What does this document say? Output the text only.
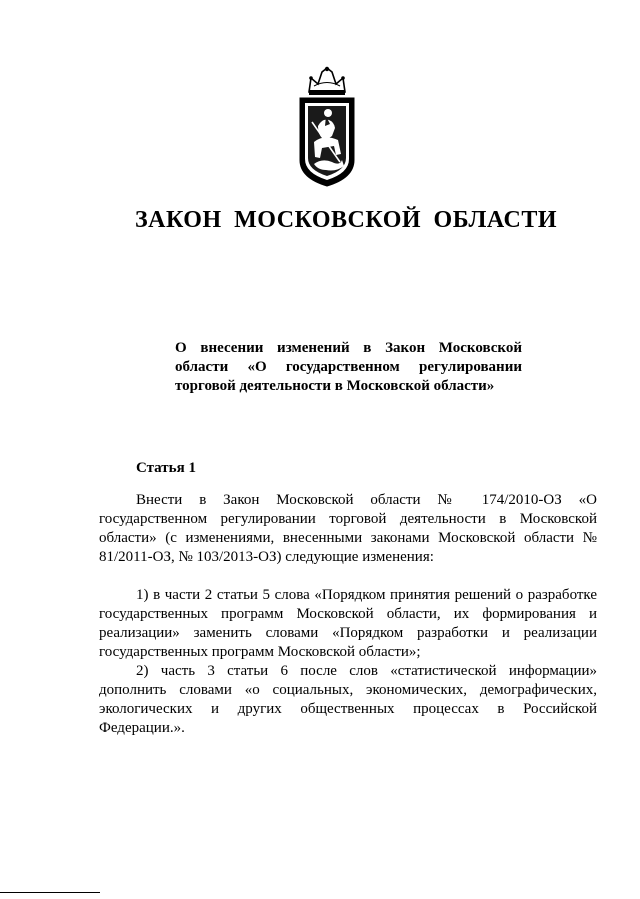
ЗАКОН МОСКОВСКОЙ ОБЛАСТИ
О внесении изменений в Закон Московской области «О государственном регулировании торговой деятельности в Московской области»
Статья 1

Внести в Закон Московской области № 174/2010-ОЗ «О государственном регулировании торговой деятельности в Московской области» (с изменениями, внесенными законами Московской области № 81/2011-ОЗ, № 103/2013-ОЗ) следующие изменения:

1) в части 2 статьи 5 слова «Порядком принятия решений о разработке государственных программ Московской области, их формирования и реализации» заменить словами «Порядком разработки и реализации государственных программ Московской области»;

2) часть 3 статьи 6 после слов «статистической информации» дополнить словами «о социальных, экономических, демографических, экологических и других общественных процессах в Российской Федерации.».
